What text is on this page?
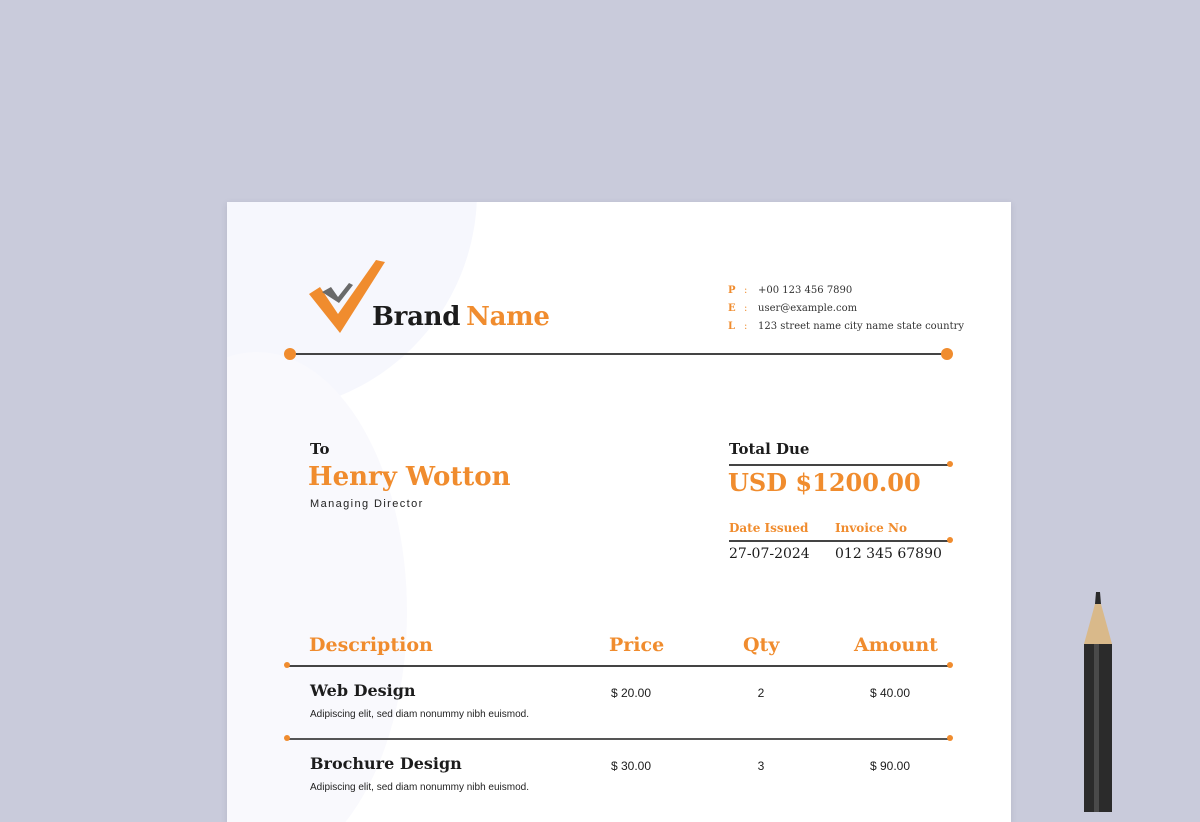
Brand Name
P : +00 123 456 7890
E : user@example.com
L : 123 street name city name state country
To
Henry Wotton
Managing Director
Total Due
USD $1200.00
Date Issued Invoice No
27-07-2024 012 345 67890
Description	Price	Qty	Amount
Web Design
Adipiscing elit, sed diam nonummy nibh euismod.
$ 20.00	2	$ 40.00
Brochure Design
Adipiscing elit, sed diam nonummy nibh euismod.
$ 30.00	3	$ 90.00
